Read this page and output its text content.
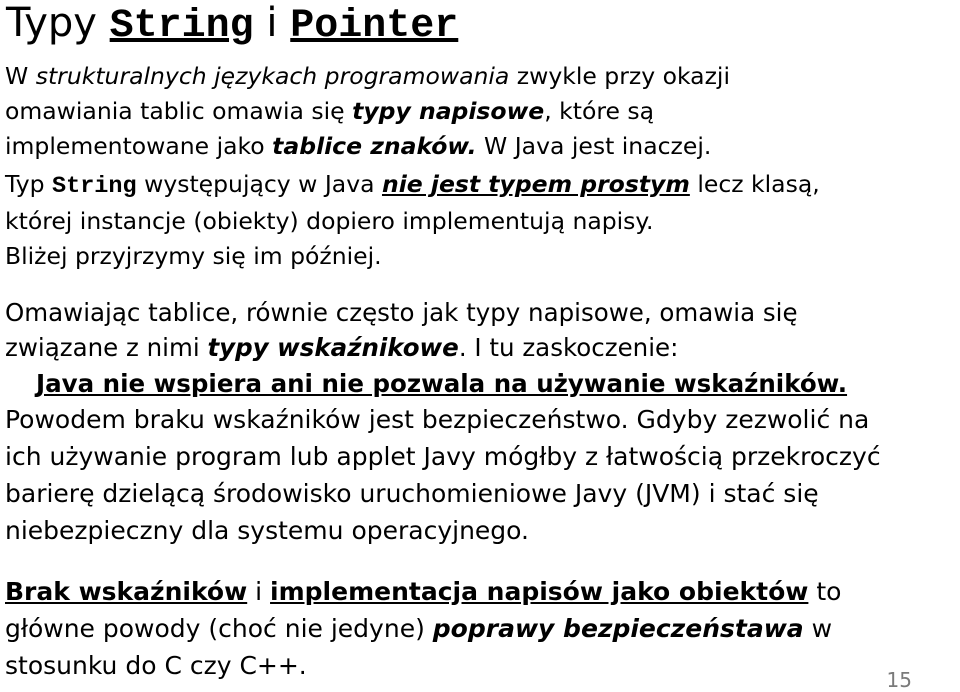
Typy String i Pointer
W strukturalnych językach programowania zwykle przy okazji
omawiania tablic omawia się typy napisowe, które są
implementowane jako tablice znaków. W Java jest inaczej.
Typ String występujący w Java nie jest typem prostym lecz klasą,
której instancje (obiekty) dopiero implementują napisy.
Bliżej przyjrzymy się im później.
Omawiając tablice, równie często jak typy napisowe, omawia się
związane z nimi typy wskaźnikowe. I tu zaskoczenie:
Java nie wspiera ani nie pozwala na używanie wskaźników.
Powodem braku wskaźników jest bezpieczeństwo. Gdyby zezwolić na
ich używanie program lub applet Javy mógłby z łatwością przekroczyć
barierę dzielącą środowisko uruchomieniowe Javy (JVM) i stać się
niebezpieczny dla systemu operacyjnego.
Brak wskaźników i implementacja napisów jako obiektów to
główne powody (choć nie jedyne) poprawy bezpieczeństawa w
stosunku do C czy C++.	15
